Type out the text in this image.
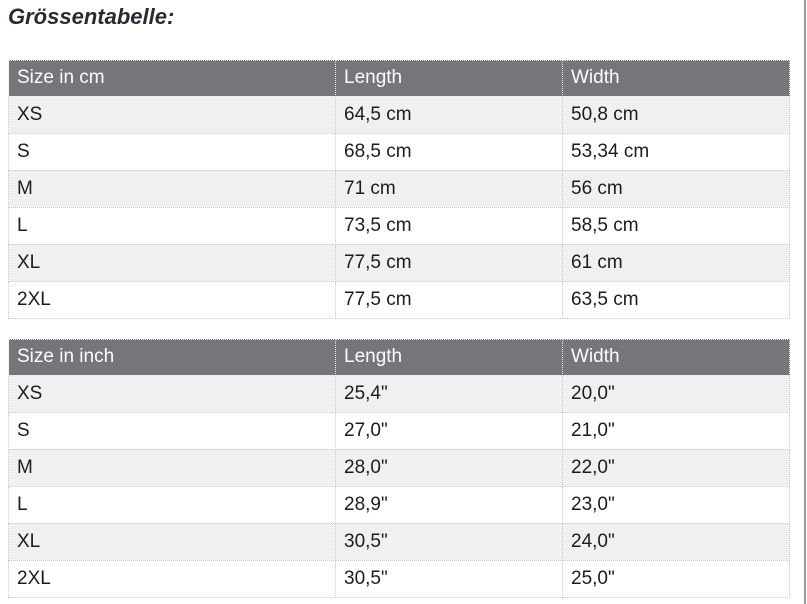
Grössentabelle:
Size in cm	Length	Width
XS	64,5 cm	50,8 cm
S	68,5 cm	53,34 cm
M	71 cm	56 cm
L	73,5 cm	58,5 cm
XL	77,5 cm	61 cm
2XL	77,5 cm	63,5 cm
Size in inch	Length	Width
XS	25,4"	20,0"
S	27,0"	21,0"
M	28,0"	22,0"
L	28,9"	23,0"
XL	30,5"	24,0"
2XL	30,5"	25,0"
